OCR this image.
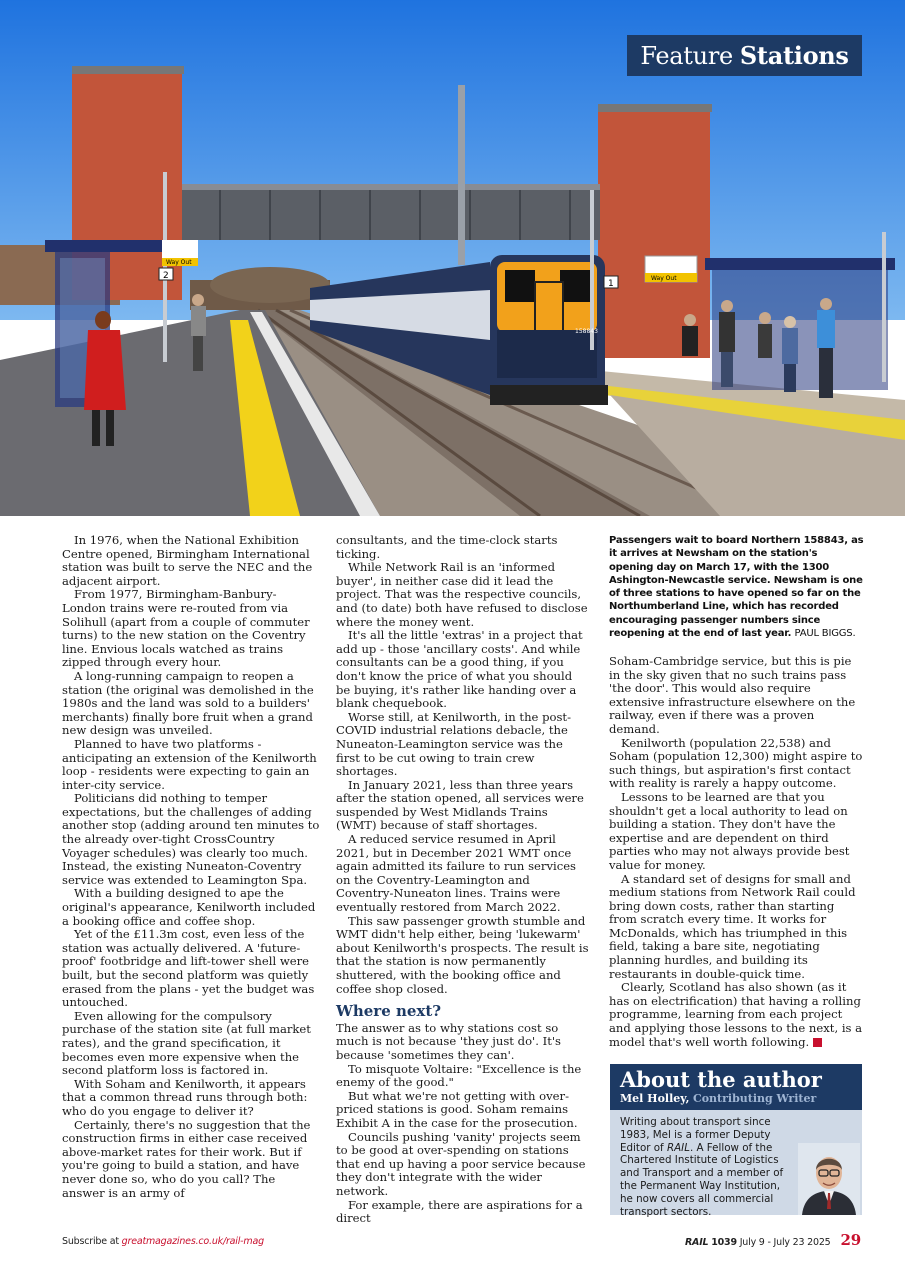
Way Out
2
1
Way Out
158843
Feature Stations

In 1976, when the National Exhibition Centre opened, Birmingham International station was built to serve the NEC and the adjacent airport.

From 1977, Birmingham-Banbury-London trains were re-routed from via Solihull (apart from a couple of commuter turns) to the new station on the Coventry line. Envious locals watched as trains zipped through every hour.

A long-running campaign to reopen a station (the original was demolished in the 1980s and the land was sold to a builders' merchants) finally bore fruit when a grand new design was unveiled.

Planned to have two platforms - anticipating an extension of the Kenilworth loop - residents were expecting to gain an inter-city service.

Politicians did nothing to temper expectations, but the challenges of adding another stop (adding around ten minutes to the already over-tight CrossCountry Voyager schedules) was clearly too much. Instead, the existing Nuneaton-Coventry service was extended to Leamington Spa.

With a building designed to ape the original's appearance, Kenilworth included a booking office and coffee shop.

Yet of the £11.3m cost, even less of the station was actually delivered. A 'future-proof' footbridge and lift-tower shell were built, but the second platform was quietly erased from the plans - yet the budget was untouched.

Even allowing for the compulsory purchase of the station site (at full market rates), and the grand specification, it becomes even more expensive when the second platform loss is factored in.

With Soham and Kenilworth, it appears that a common thread runs through both: who do you engage to deliver it?

Certainly, there's no suggestion that the construction firms in either case received above-market rates for their work. But if you're going to build a station, and have never done so, who do you call? The answer is an army of

consultants, and the time-clock starts ticking.

While Network Rail is an 'informed buyer', in neither case did it lead the project. That was the respective councils, and (to date) both have refused to disclose where the money went.

It's all the little 'extras' in a project that add up - those 'ancillary costs'. And while consultants can be a good thing, if you don't know the price of what you should be buying, it's rather like handing over a blank chequebook.

Worse still, at Kenilworth, in the post-COVID industrial relations debacle, the Nuneaton-Leamington service was the first to be cut owing to train crew shortages.

In January 2021, less than three years after the station opened, all services were suspended by West Midlands Trains (WMT) because of staff shortages.

A reduced service resumed in April 2021, but in December 2021 WMT once again admitted its failure to run services on the Coventry-Leamington and Coventry-Nuneaton lines. Trains were eventually restored from March 2022.

This saw passenger growth stumble and WMT didn't help either, being 'lukewarm' about Kenilworth's prospects. The result is that the station is now permanently shuttered, with the booking office and coffee shop closed.

Where next?

The answer as to why stations cost so much is not because 'they just do'. It's because 'sometimes they can'.

To misquote Voltaire: "Excellence is the enemy of the good."

But what we're not getting with over-priced stations is good. Soham remains Exhibit A in the case for the prosecution.

Councils pushing 'vanity' projects seem to be good at over-spending on stations that end up having a poor service because they don't integrate with the wider network.

For example, there are aspirations for a direct

Passengers wait to board Northern 158843, as it arrives at Newsham on the station's opening day on March 17, with the 1300 Ashington-Newcastle service. Newsham is one of three stations to have opened so far on the Northumberland Line, which has recorded encouraging passenger numbers since reopening at the end of last year. PAUL BIGGS.

Soham-Cambridge service, but this is pie in the sky given that no such trains pass 'the door'. This would also require extensive infrastructure elsewhere on the railway, even if there was a proven demand.

Kenilworth (population 22,538) and Soham (population 12,300) might aspire to such things, but aspiration's first contact with reality is rarely a happy outcome.

Lessons to be learned are that you shouldn't get a local authority to lead on building a station. They don't have the expertise and are dependent on third parties who may not always provide best value for money.

A standard set of designs for small and medium stations from Network Rail could bring down costs, rather than starting from scratch every time. It works for McDonalds, which has triumphed in this field, taking a bare site, negotiating planning hurdles, and building its restaurants in double-quick time.

Clearly, Scotland has also shown (as it has on electrification) that having a rolling programme, learning from each project and applying those lessons to the next, is a model that's well worth following. R

About the author
Mel Holley, Contributing Writer
Writing about transport since 1983, Mel is a former Deputy Editor of RAIL. A Fellow of the Chartered Institute of Logistics and Transport and a member of the Permanent Way Institution, he now covers all commercial transport sectors.
Subscribe at greatmagazines.co.uk/rail-mag	RAIL 1039 July 9 - July 23 2025 29
